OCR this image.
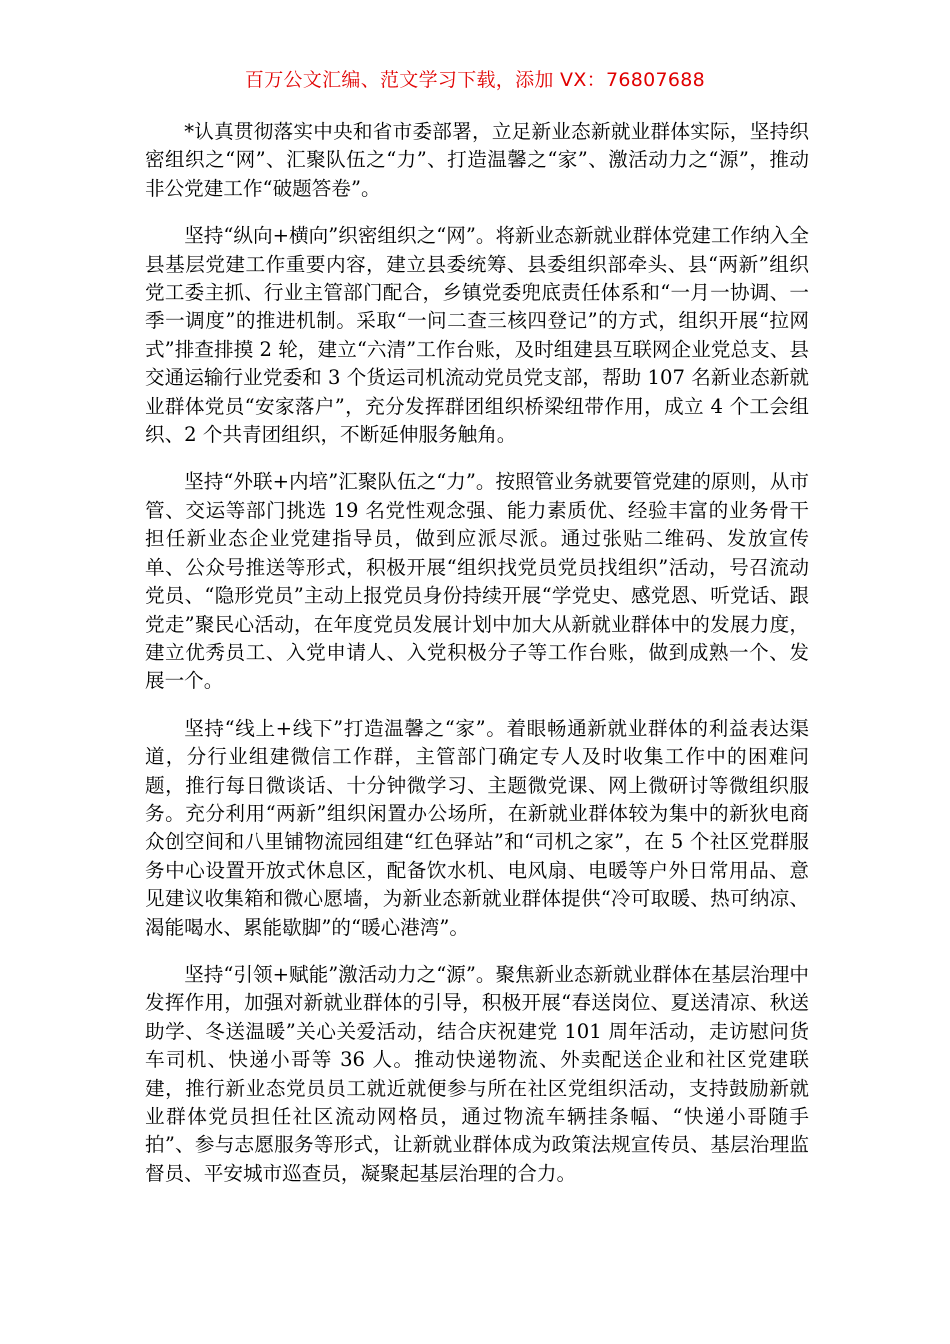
百万公文汇编、范文学习下载，添加 VX：76807688

*认真贯彻落实中央和省市委部署，立足新业态新就业群体实际，坚持织密组织之“网”、汇聚队伍之“力”、打造温馨之“家”、激活动力之“源”，推动非公党建工作“破题答卷”。

坚持“纵向+横向”织密组织之“网”。将新业态新就业群体党建工作纳入全县基层党建工作重要内容，建立县委统筹、县委组织部牵头、县“两新”组织党工委主抓、行业主管部门配合，乡镇党委兜底责任体系和“一月一协调、一季一调度”的推进机制。采取“一问二查三核四登记”的方式，组织开展“拉网式”排查排摸 2 轮，建立“六清”工作台账，及时组建县互联网企业党总支、县交通运输行业党委和 3 个货运司机流动党员党支部，帮助 107 名新业态新就业群体党员“安家落户”，充分发挥群团组织桥梁纽带作用，成立 4 个工会组织、2 个共青团组织，不断延伸服务触角。

坚持“外联+内培”汇聚队伍之“力”。按照管业务就要管党建的原则，从市管、交运等部门挑选 19 名党性观念强、能力素质优、经验丰富的业务骨干担任新业态企业党建指导员，做到应派尽派。通过张贴二维码、发放宣传单、公众号推送等形式，积极开展“组织找党员党员找组织”活动，号召流动党员、“隐形党员”主动上报党员身份持续开展“学党史、感党恩、听党话、跟党走”聚民心活动，在年度党员发展计划中加大从新就业群体中的发展力度，建立优秀员工、入党申请人、入党积极分子等工作台账，做到成熟一个、发展一个。

坚持“线上+线下”打造温馨之“家”。着眼畅通新就业群体的利益表达渠道，分行业组建微信工作群，主管部门确定专人及时收集工作中的困难问题，推行每日微谈话、十分钟微学习、主题微党课、网上微研讨等微组织服务。充分利用“两新”组织闲置办公场所，在新就业群体较为集中的新狄电商众创空间和八里铺物流园组建“红色驿站”和“司机之家”，在 5 个社区党群服务中心设置开放式休息区，配备饮水机、电风扇、电暖等户外日常用品、意见建议收集箱和微心愿墙，为新业态新就业群体提供“冷可取暖、热可纳凉、渴能喝水、累能歇脚”的“暖心港湾”。

坚持“引领+赋能”激活动力之“源”。聚焦新业态新就业群体在基层治理中发挥作用，加强对新就业群体的引导，积极开展“春送岗位、夏送清凉、秋送助学、冬送温暖”关心关爱活动，结合庆祝建党 101 周年活动，走访慰问货车司机、快递小哥等 36 人。推动快递物流、外卖配送企业和社区党建联建，推行新业态党员员工就近就便参与所在社区党组织活动，支持鼓励新就业群体党员担任社区流动网格员，通过物流车辆挂条幅、“快递小哥随手拍”、参与志愿服务等形式，让新就业群体成为政策法规宣传员、基层治理监督员、平安城市巡查员，凝聚起基层治理的合力。
